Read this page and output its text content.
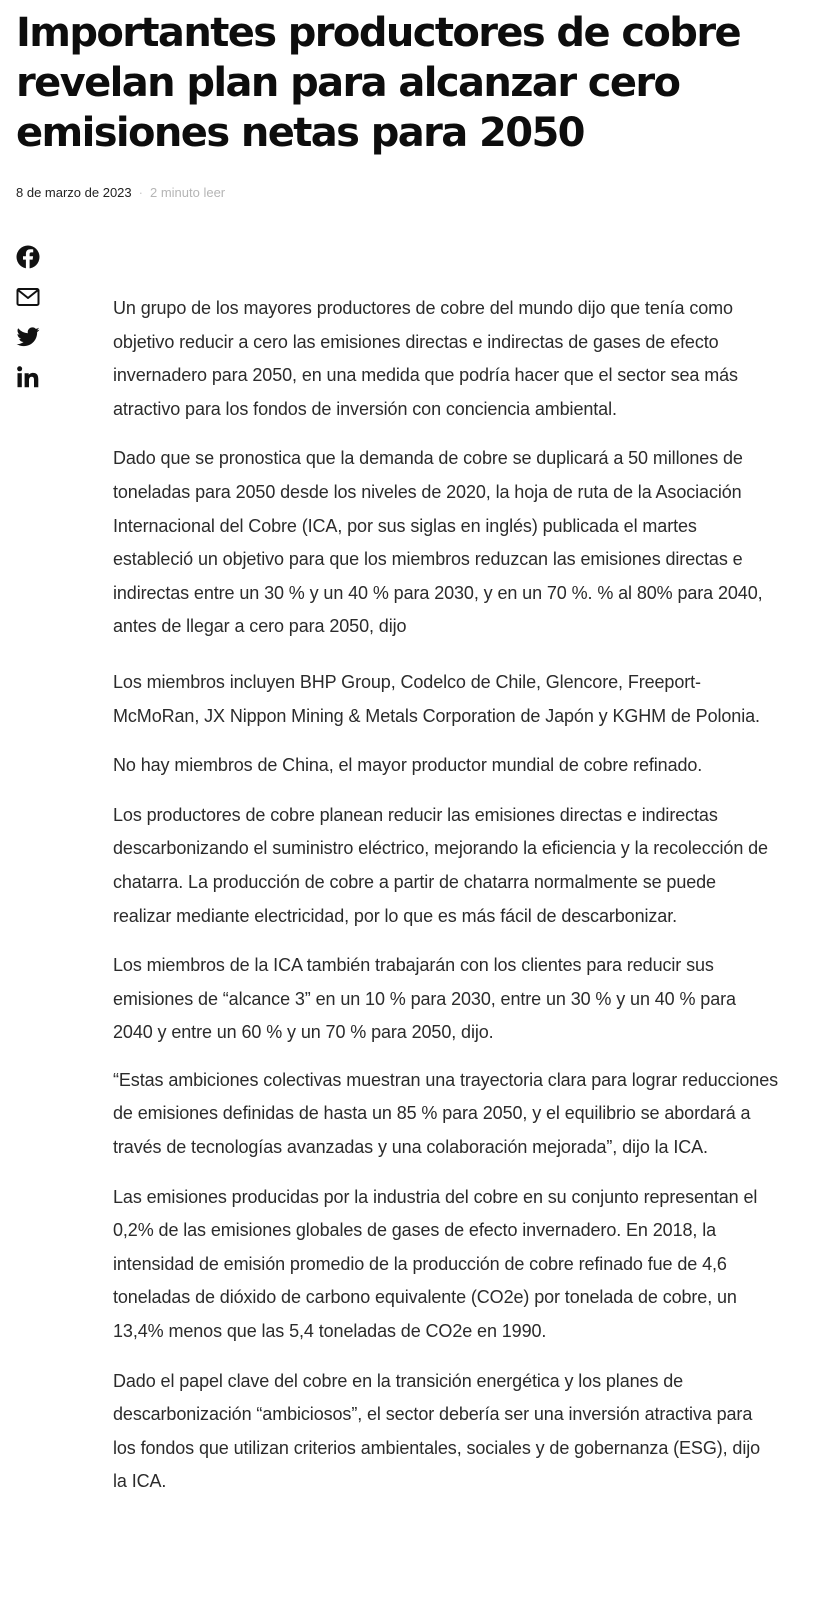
Importantes productores de cobre revelan plan para alcanzar cero emisiones netas para 2050
8 de marzo de 2023 · 2 minuto leer

Un grupo de los mayores productores de cobre del mundo dijo que tenía como objetivo reducir a cero las emisiones directas e indirectas de gases de efecto invernadero para 2050, en una medida que podría hacer que el sector sea más atractivo para los fondos de inversión con conciencia ambiental.

Dado que se pronostica que la demanda de cobre se duplicará a 50 millones de toneladas para 2050 desde los niveles de 2020, la hoja de ruta de la Asociación Internacional del Cobre (ICA, por sus siglas en inglés) publicada el martes estableció un objetivo para que los miembros reduzcan las emisiones directas e indirectas entre un 30 % y un 40 % para 2030, y en un 70 %. % al 80% para 2040, antes de llegar a cero para 2050, dijo

Los miembros incluyen BHP Group, Codelco de Chile, Glencore, Freeport-McMoRan, JX Nippon Mining & Metals Corporation de Japón y KGHM de Polonia.

No hay miembros de China, el mayor productor mundial de cobre refinado.

Los productores de cobre planean reducir las emisiones directas e indirectas descarbonizando el suministro eléctrico, mejorando la eficiencia y la recolección de chatarra. La producción de cobre a partir de chatarra normalmente se puede realizar mediante electricidad, por lo que es más fácil de descarbonizar.

Los miembros de la ICA también trabajarán con los clientes para reducir sus emisiones de “alcance 3” en un 10 % para 2030, entre un 30 % y un 40 % para 2040 y entre un 60 % y un 70 % para 2050, dijo.

“Estas ambiciones colectivas muestran una trayectoria clara para lograr reducciones de emisiones definidas de hasta un 85 % para 2050, y el equilibrio se abordará a través de tecnologías avanzadas y una colaboración mejorada”, dijo la ICA.

Las emisiones producidas por la industria del cobre en su conjunto representan el 0,2% de las emisiones globales de gases de efecto invernadero. En 2018, la intensidad de emisión promedio de la producción de cobre refinado fue de 4,6 toneladas de dióxido de carbono equivalente (CO2e) por tonelada de cobre, un 13,4% menos que las 5,4 toneladas de CO2e en 1990.

Dado el papel clave del cobre en la transición energética y los planes de descarbonización “ambiciosos”, el sector debería ser una inversión atractiva para los fondos que utilizan criterios ambientales, sociales y de gobernanza (ESG), dijo la ICA.
